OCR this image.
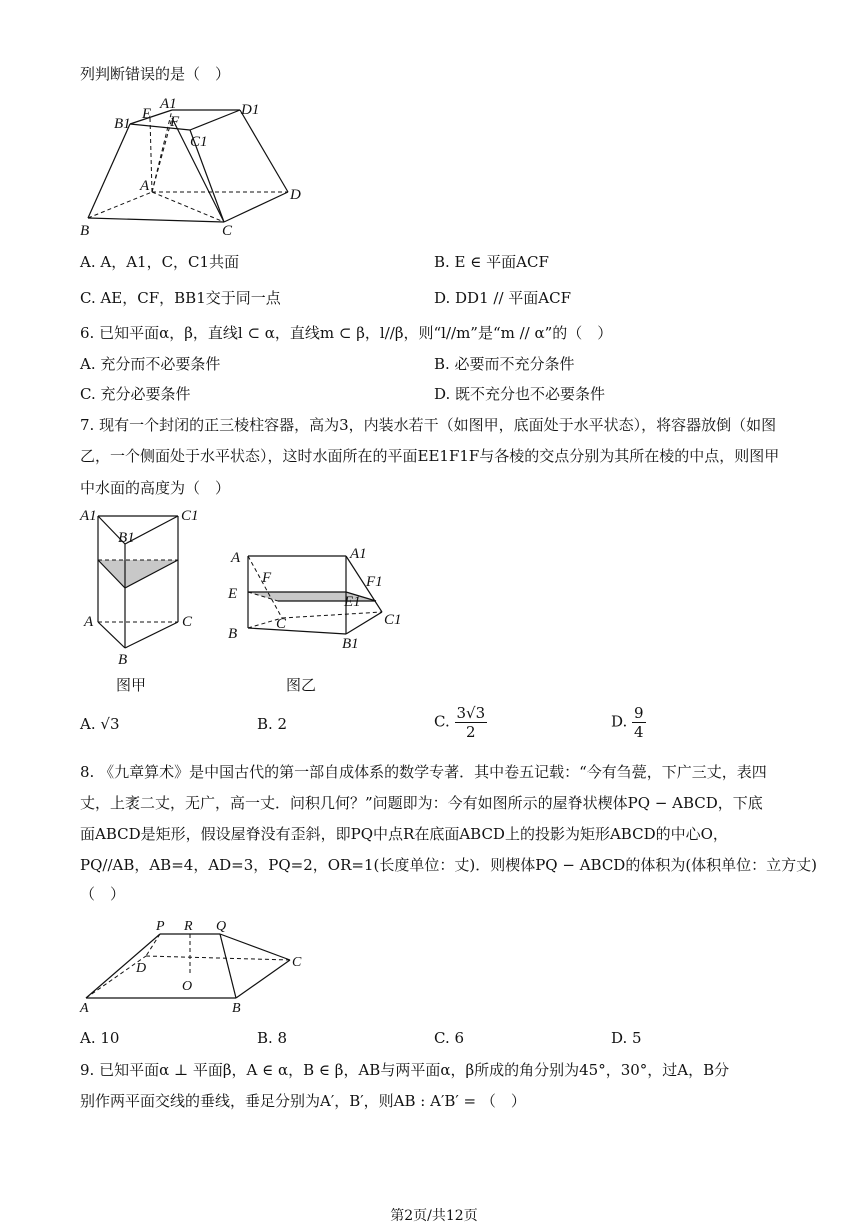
列判断错误的是（　）
B1
E
A1	D1
F
C1
A
D
B	C
A. A，A1，C，C1共面	B. E ∈ 平面ACF
C. AE，CF，BB1交于同一点	D. DD1 // 平面ACF
6. 已知平面α，β，直线l ⊂ α，直线m ⊂ β，l//β，则“l//m”是“m // α”的（　）
A. 充分而不必要条件	B. 必要而不充分条件
C. 充分必要条件	D. 既不充分也不必要条件
7. 现有一个封闭的正三棱柱容器，高为3，内装水若干（如图甲，底面处于水平状态），将容器放倒（如图
乙，一个侧面处于水平状态），这时水面所在的平面EE1F1F与各棱的交点分别为其所在棱的中点，则图甲
中水面的高度为（　）
A1	C1
B1
A	C
B
图甲
A	A1
F	F1
E	E1
C	C1
B
B1
图乙
A. √3	B. 2	C. $\frac{3√3}{2}$	D. $\frac{9}{4}$
8. 《九章算术》是中国古代的第一部自成体系的数学专著．其中卷五记载：“今有刍甍，下广三丈，表四
丈，上袤二丈，无广，高一丈．问积几何？”问题即为：今有如图所示的屋脊状楔体PQ − ABCD，下底
面ABCD是矩形，假设屋脊没有歪斜，即PQ中点R在底面ABCD上的投影为矩形ABCD的中心O，
PQ//AB，AB=4，AD=3，PQ=2，OR=1(长度单位：丈)．则楔体PQ − ABCD的体积为(体积单位：立方丈)
（　）
P R Q
D	C
O
A	B
A. 10	B. 8	C. 6	D. 5
9. 已知平面α ⊥ 平面β，A ∈ α，B ∈ β，AB与两平面α，β所成的角分别为45°，30°，过A，B分
别作两平面交线的垂线，垂足分别为A′，B′，则AB : A′B′ = （　）
第2页/共12页
